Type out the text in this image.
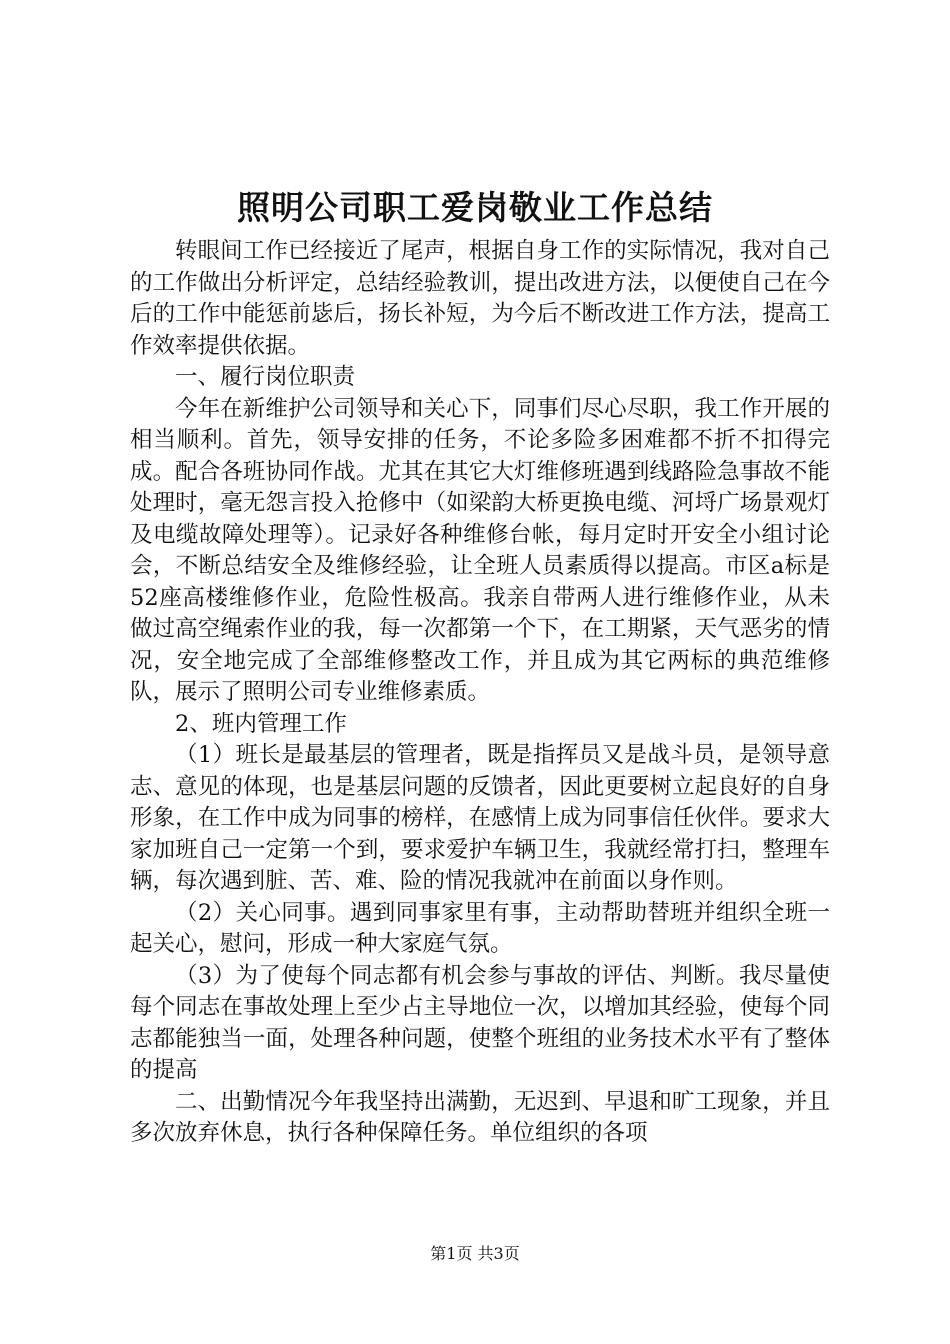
照明公司职工爱岗敬业工作总结

转眼间工作已经接近了尾声，根据自身工作的实际情况，我对自己的工作做出分析评定，总结经验教训，提出改进方法，以便使自己在今后的工作中能惩前毖后，扬长补短，为今后不断改进工作方法，提高工作效率提供依据。

一、履行岗位职责

今年在新维护公司领导和关心下，同事们尽心尽职，我工作开展的相当顺利。首先，领导安排的任务，不论多险多困难都不折不扣得完成。配合各班协同作战。尤其在其它大灯维修班遇到线路险急事故不能处理时，毫无怨言投入抢修中（如梁韵大桥更换电缆、河埒广场景观灯及电缆故障处理等）。记录好各种维修台帐，每月定时开安全小组讨论会，不断总结安全及维修经验，让全班人员素质得以提高。市区a标是52座高楼维修作业，危险性极高。我亲自带两人进行维修作业，从未做过高空绳索作业的我，每一次都第一个下，在工期紧，天气恶劣的情况，安全地完成了全部维修整改工作，并且成为其它两标的典范维修队，展示了照明公司专业维修素质。

2、班内管理工作

（1）班长是最基层的管理者，既是指挥员又是战斗员，是领导意志、意见的体现，也是基层问题的反馈者，因此更要树立起良好的自身形象，在工作中成为同事的榜样，在感情上成为同事信任伙伴。要求大家加班自己一定第一个到，要求爱护车辆卫生，我就经常打扫，整理车辆，每次遇到脏、苦、难、险的情况我就冲在前面以身作则。

（2）关心同事。遇到同事家里有事，主动帮助替班并组织全班一起关心，慰问，形成一种大家庭气氛。

（3）为了使每个同志都有机会参与事故的评估、判断。我尽量使每个同志在事故处理上至少占主导地位一次，以增加其经验，使每个同志都能独当一面，处理各种问题，使整个班组的业务技术水平有了整体的提高

二、出勤情况今年我坚持出满勤，无迟到、早退和旷工现象，并且多次放弃休息，执行各种保障任务。单位组织的各项

第1页 共3页
